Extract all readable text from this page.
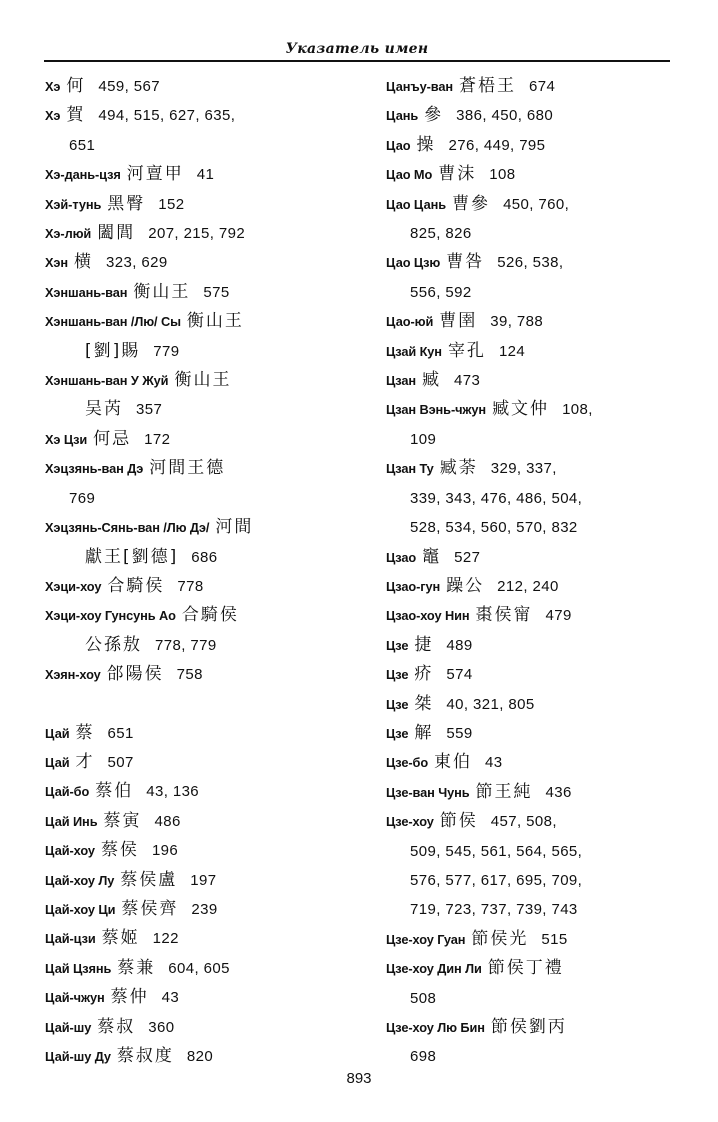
Указатель имен

Хэ 何 459, 567

Хэ 賀 494, 515, 627, 635,
651

Хэ-дань-цзя 河亶甲 41

Хэй-тунь 黑臀 152

Хэ-люй 闔閭 207, 215, 792

Хэн 横 323, 629

Хэншань-ван 衡山王 575

Хэншань-ван /Лю/ Сы 衡山王
[劉]賜 779

Хэншань-ван У Жуй 衡山王
吴芮 357

Хэ Цзи 何忌 172

Хэцзянь-ван Дэ 河間王德
769

Хэцзянь-Сянь-ван /Лю Дэ/ 河間
獻王[劉德] 686

Хэци-хоу 合騎侯 778

Хэци-хоу Гунсунь Ао 合騎侯
公孫敖 778, 779

Хэян-хоу 郃陽侯 758

Цай 蔡 651

Цай 才 507

Цай-бо 蔡伯 43, 136

Цай Инь 蔡寅 486

Цай-хоу 蔡侯 196

Цай-хоу Лу 蔡侯盧 197

Цай-хоу Ци 蔡侯齊 239

Цай-цзи 蔡姬 122

Цай Цзянь 蔡兼 604, 605

Цай-чжун 蔡仲 43

Цай-шу 蔡叔 360

Цай-шу Ду 蔡叔度 820

Цанъу-ван 蒼梧王 674

Цань 參 386, 450, 680

Цао 操 276, 449, 795

Цао Мо 曹沫 108

Цао Цань 曹參 450, 760,
825, 826

Цао Цзю 曹咎 526, 538,
556, 592

Цао-юй 曹圉 39, 788

Цзай Кун 宰孔 124

Цзан 臧 473

Цзан Вэнь-чжун 臧文仲 108,
109

Цзан Ту 臧荼 329, 337,
339, 343, 476, 486, 504,
528, 534, 560, 570, 832

Цзао 竈 527

Цзао-гун 躁公 212, 240

Цзао-хоу Нин 棗侯甯 479

Цзе 捷 489

Цзе 疥 574

Цзе 桀 40, 321, 805

Цзе 解 559

Цзе-бо 東伯 43

Цзе-ван Чунь 節王純 436

Цзе-хоу 節侯 457, 508,
509, 545, 561, 564, 565,
576, 577, 617, 695, 709,
719, 723, 737, 739, 743

Цзе-хоу Гуан 節侯光 515

Цзе-хоу Дин Ли 節侯丁禮
508

Цзе-хоу Лю Бин 節侯劉丙
698

893
